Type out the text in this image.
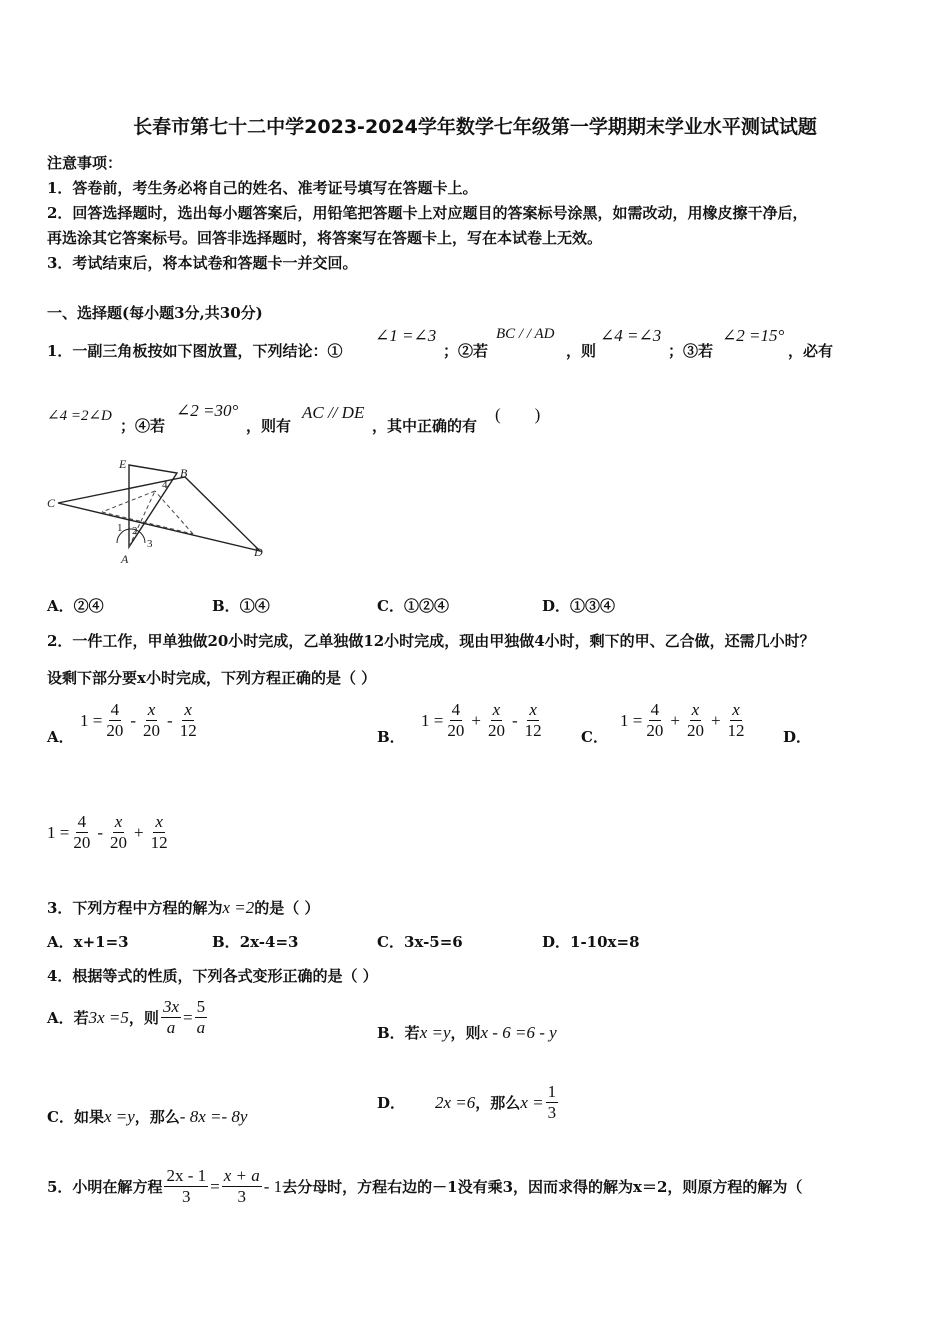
长春市第七十二中学2023-2024学年数学七年级第一学期期末学业水平测试试题
注意事项：
1．答卷前，考生务必将自己的姓名、准考证号填写在答题卡上。
2．回答选择题时，选出每小题答案后，用铅笔把答题卡上对应题目的答案标号涂黑，如需改动，用橡皮擦干净后，
再选涂其它答案标号。回答非选择题时，将答案写在答题卡上，写在本试卷上无效。
3．考试结束后，将本试卷和答题卡一并交回。
一、选择题(每小题3分,共30分)
1．一副三角板按如下图放置，下列结论：①
∠1 =∠3
；②若
BC / / AD
，则
∠4 =∠3
；③若
∠2 =15°
，必有
∠4 =2∠D
；④若
∠2 =30°
，则有
AC // DE
，其中正确的有
(　　)
E
B
C
D
A
1 2
3
4
A．②④	B．①④	C．①②④	D．①③④
2．一件工作，甲单独做20小时完成，乙单独做12小时完成，现由甲独做4小时，剩下的甲、乙合做，还需几小时？
设剩下部分要x小时完成，下列方程正确的是（ ）
A．
$1 = \frac{4}{20} - \frac{x}{20} - \frac{x}{12}$	B．
$1 = \frac{4}{20} + \frac{x}{20} - \frac{x}{12}$ C．
$1 = \frac{4}{20} + \frac{x}{20} + \frac{x}{12}$ D．
$1 = \frac{4}{20} - \frac{x}{20} + \frac{x}{12}$
3．下列方程中方程的解为x =2的是（ ）
A．x+1=3	B．2x-4=3	C．3x-5=6	D．1-10x=8
4．根据等式的性质，下列各式变形正确的是（ ）
A．若 3x =5 ，则 $\frac{3x}{a} = \frac{5}{a}$	B．若x =y，则x - 6 =6 - y
C．如果x =y，那么- 8x =- 8y
D． 2x =6 ，那么 $x = \frac{1}{3}$
5．小明在解方程 $\frac{2x - 1}{3} = \frac{x + a}{3} - 1$ 去分母时，方程右边的－1没有乘3，因而求得的解为x＝2，则原方程的解为（
